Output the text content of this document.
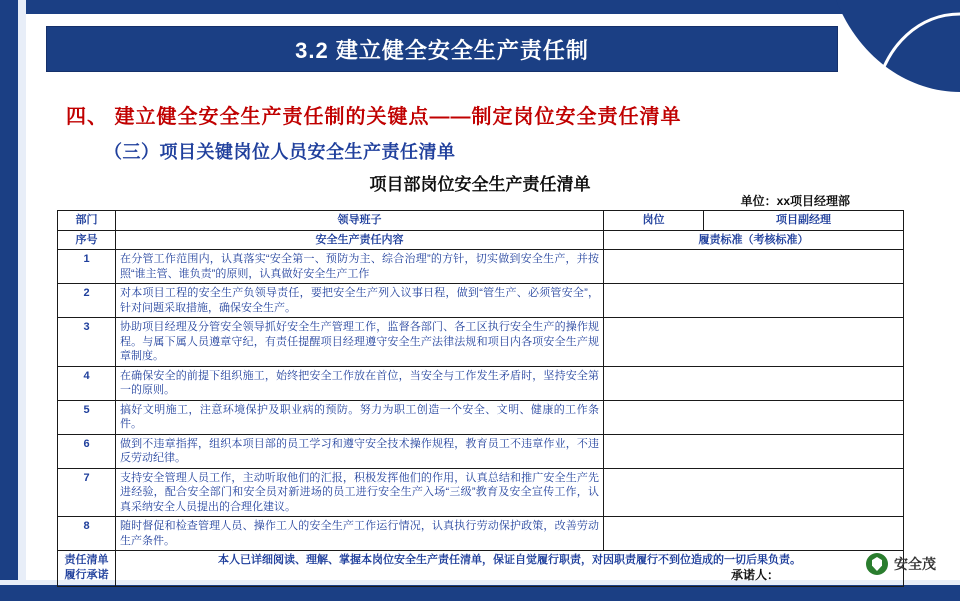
3.2 建立健全安全生产责任制
四、 建立健全安全生产责任制的关键点——制定岗位安全责任清单
（三）项目关键岗位人员安全生产责任清单
项目部岗位安全生产责任清单
单位：xx项目经理部
部门	领导班子	岗位	项目副经理
序号	安全生产责任内容	履责标准（考核标准）	
1	在分管工作范围内，认真落实“安全第一、预防为主、综合治理”的方针，切实做到安全生产，并按照“谁主管、谁负责”的原则，认真做好安全生产工作		
2	对本项目工程的安全生产负领导责任，要把安全生产列入议事日程，做到“管生产、必须管安全”，针对问题采取措施，确保安全生产。		
3	协助项目经理及分管安全领导抓好安全生产管理工作，监督各部门、各工区执行安全生产的操作规程。与属下属人员遵章守纪，有责任提醒项目经理遵守安全生产法律法规和项目内各项安全生产规章制度。		
4	在确保安全的前提下组织施工，始终把安全工作放在首位，当安全与工作发生矛盾时，坚持安全第一的原则。		
5	搞好文明施工，注意环境保护及职业病的预防。努力为职工创造一个安全、文明、健康的工作条件。		
6	做到不违章指挥，组织本项目部的员工学习和遵守安全技术操作规程，教育员工不违章作业，不违反劳动纪律。		
7	支持安全管理人员工作，主动听取他们的汇报，积极发挥他们的作用，认真总结和推广安全生产先进经验，配合安全部门和安全员对新进场的员工进行安全生产入场“三级”教育及安全宣传工作，认真采纳安全人员提出的合理化建议。		
8	随时督促和检查管理人员、操作工人的安全生产工作运行情况，认真执行劳动保护政策，改善劳动生产条件。		

责任清单
履行承诺
	本人已详细阅读、理解、掌握本岗位安全生产责任清单，保证自觉履行职责，对因职责履行不到位造成的一切后果负责。
承诺人：
安全茂
